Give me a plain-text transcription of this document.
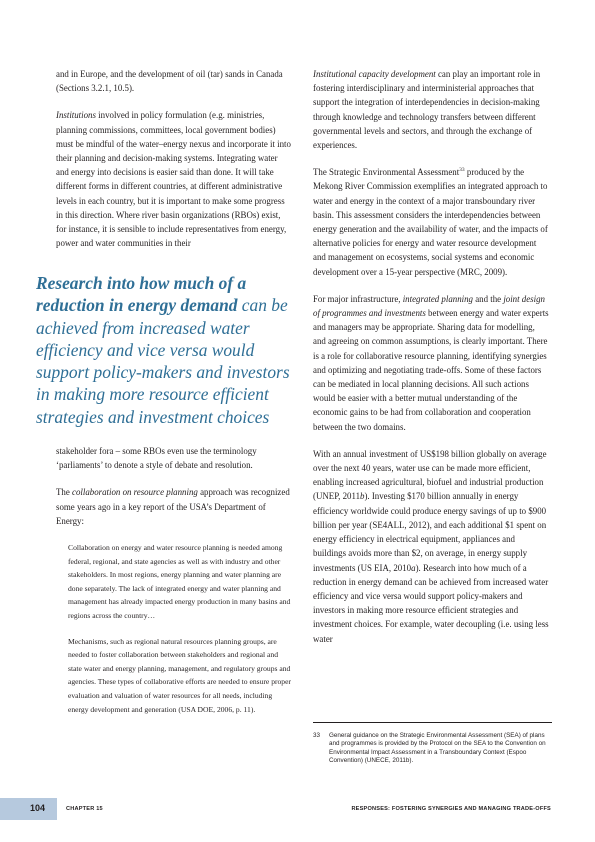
and in Europe, and the development of oil (tar) sands in Canada (Sections 3.2.1, 10.5).

Institutions involved in policy formulation (e.g. ministries, planning commissions, committees, local government bodies) must be mindful of the water–energy nexus and incorporate it into their planning and decision-making systems. Integrating water and energy into decisions is easier said than done. It will take different forms in different countries, at different administrative levels in each country, but it is important to make some progress in this direction. Where river basin organizations (RBOs) exist, for instance, it is sensible to include representatives from energy, power and water communities in their

Research into how much of a reduction in energy demand can be achieved from increased water efficiency and vice versa would support policy-makers and investors in making more resource efficient strategies and investment choices

stakeholder fora – some RBOs even use the terminology ‘parliaments’ to denote a style of debate and resolution.

The collaboration on resource planning approach was recognized some years ago in a key report of the USA’s Department of Energy:

Collaboration on energy and water resource planning is needed among federal, regional, and state agencies as well as with industry and other stakeholders. In most regions, energy planning and water planning are done separately. The lack of integrated energy and water planning and management has already impacted energy production in many basins and regions across the country…

Mechanisms, such as regional natural resources planning groups, are needed to foster collaboration between stakeholders and regional and state water and energy planning, management, and regulatory groups and agencies. These types of collaborative efforts are needed to ensure proper evaluation and valuation of water resources for all needs, including energy development and generation (USA DOE, 2006, p. 11).

Institutional capacity development can play an important role in fostering interdisciplinary and interministerial approaches that support the integration of interdependencies in decision-making through knowledge and technology transfers between different governmental levels and sectors, and through the exchange of experiences.

The Strategic Environmental Assessment$^{33}$ produced by the Mekong River Commission exemplifies an integrated approach to water and energy in the context of a major transboundary river basin. This assessment considers the interdependencies between energy generation and the availability of water, and the impacts of alternative policies for energy and water resource development and management on ecosystems, social systems and economic development over a 15-year perspective (MRC, 2009).

For major infrastructure, integrated planning and the joint design of programmes and investments between energy and water experts and managers may be appropriate. Sharing data for modelling, and agreeing on common assumptions, is clearly important. There is a role for collaborative resource planning, identifying synergies and optimizing and negotiating trade-offs. Some of these factors can be mediated in local planning decisions. All such actions would be easier with a better mutual understanding of the economic gains to be had from collaboration and cooperation between the two domains.

With an annual investment of US$198 billion globally on average over the next 40 years, water use can be made more efficient, enabling increased agricultural, biofuel and industrial production (UNEP, 2011b). Investing $170 billion annually in energy efficiency worldwide could produce energy savings of up to $900 billion per year (SE4ALL, 2012), and each additional $1 spent on energy efficiency in electrical equipment, appliances and buildings avoids more than $2, on average, in energy supply investments (US EIA, 2010a). Research into how much of a reduction in energy demand can be achieved from increased water efficiency and vice versa would support policy-makers and investors in making more resource efficient strategies and investment choices. For example, water decoupling (i.e. using less water

33 General guidance on the Strategic Environmental Assessment (SEA) of plans and programmes is provided by the Protocol on the SEA to the Convention on Environmental Impact Assessment in a Transboundary Context (Espoo Convention) (UNECE, 2011b).
104	CHAPTER 15	RESPONSES: FOSTERING SYNERGIES AND MANAGING TRADE-OFFS
